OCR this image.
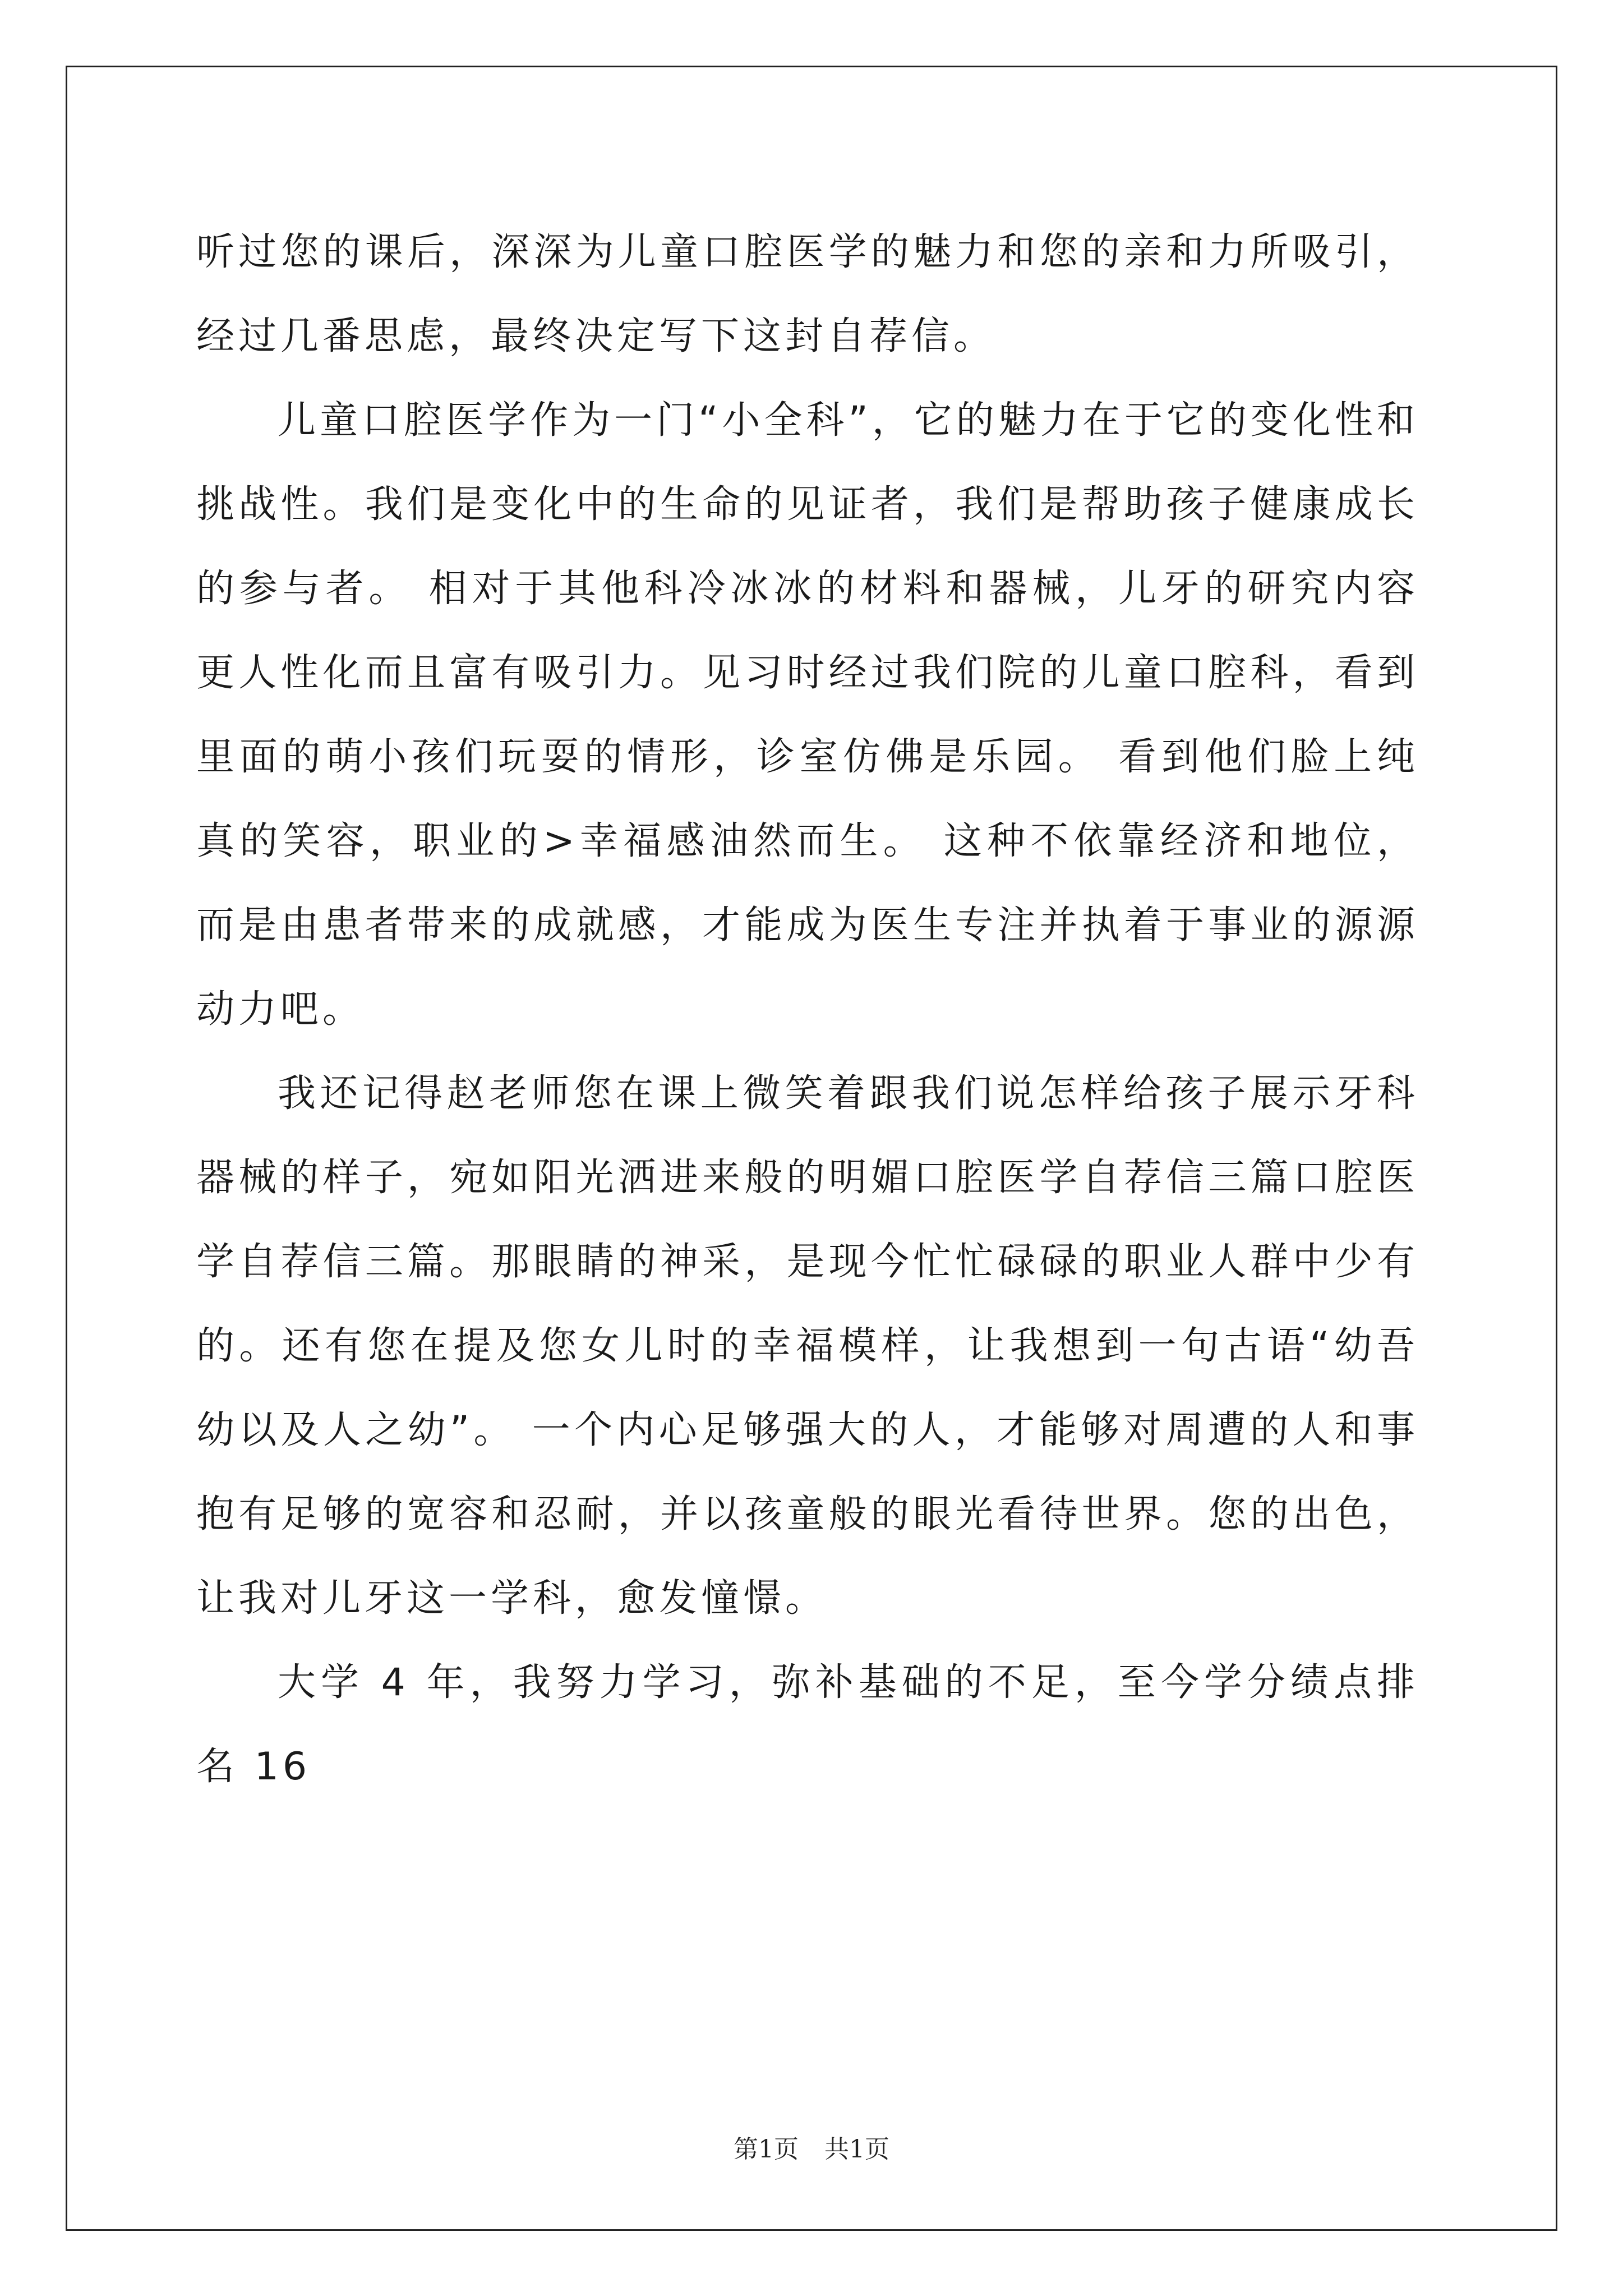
听过您的课后，深深为儿童口腔医学的魅力和您的亲和力所吸引，经过几番思虑，最终决定写下这封自荐信。

儿童口腔医学作为一门“小全科”，它的魅力在于它的变化性和挑战性。我们是变化中的生命的见证者，我们是帮助孩子健康成长的参与者。 相对于其他科冷冰冰的材料和器械，儿牙的研究内容更人性化而且富有吸引力。见习时经过我们院的儿童口腔科，看到里面的萌小孩们玩耍的情形，诊室仿佛是乐园。 看到他们脸上纯真的笑容，职业的>幸福感油然而生。 这种不依靠经济和地位，而是由患者带来的成就感，才能成为医生专注并执着于事业的源源动力吧。

我还记得赵老师您在课上微笑着跟我们说怎样给孩子展示牙科器械的样子，宛如阳光洒进来般的明媚口腔医学自荐信三篇口腔医学自荐信三篇。那眼睛的神采，是现今忙忙碌碌的职业人群中少有的。还有您在提及您女儿时的幸福模样，让我想到一句古语“幼吾幼以及人之幼”。 一个内心足够强大的人，才能够对周遭的人和事抱有足够的宽容和忍耐，并以孩童般的眼光看待世界。您的出色，让我对儿牙这一学科，愈发憧憬。

大学 4 年，我努力学习，弥补基础的不足，至今学分绩点排名 16

第1页 共1页
